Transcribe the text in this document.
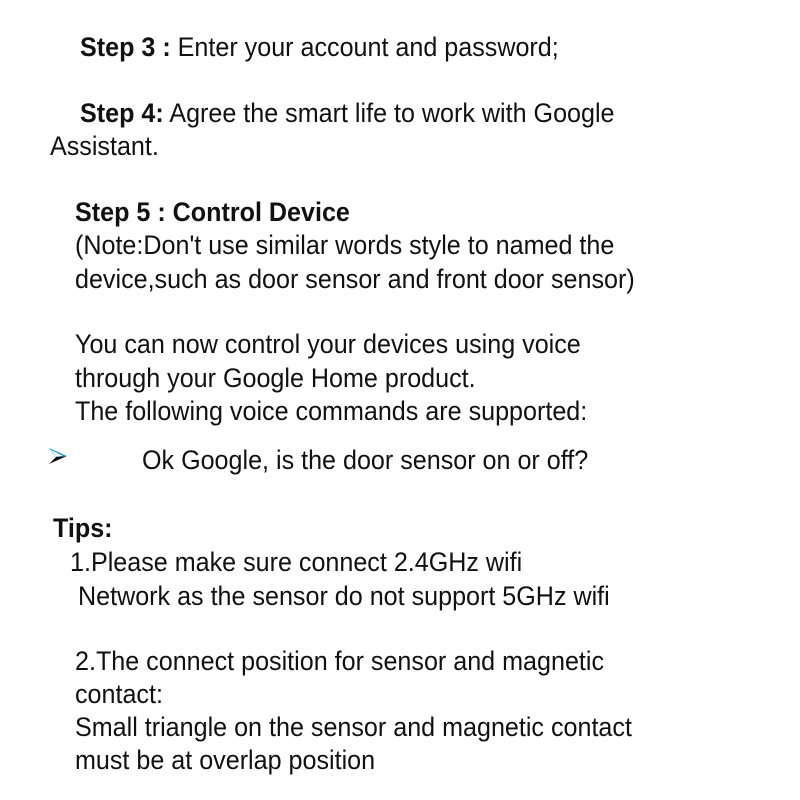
Step 3 : Enter your account and password;
Step 4: Agree the smart life to work with Google
Assistant.
Step 5 : Control Device
(Note:Don't use similar words style to named the
device,such as door sensor and front door sensor)
You can now control your devices using voice
through your Google Home product.
The following voice commands are supported:
Ok Google, is the door sensor on or off?
Tips:
1.Please make sure connect 2.4GHz wifi
Network as the sensor do not support 5GHz wifi
2.The connect position for sensor and magnetic
contact:
Small triangle on the sensor and magnetic contact
must be at overlap position
